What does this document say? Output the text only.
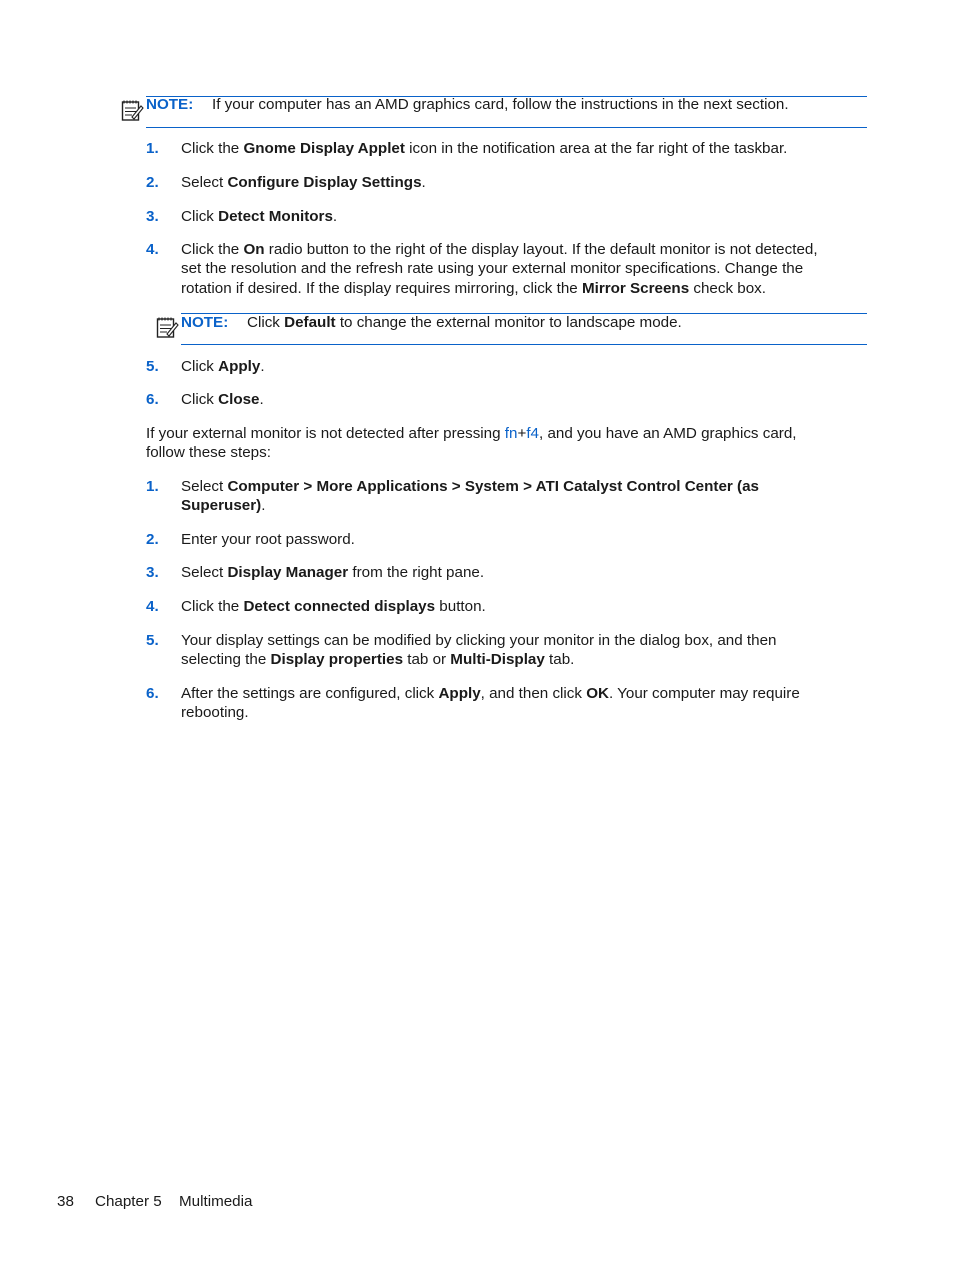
NOTE: If your computer has an AMD graphics card, follow the instructions in the next section.
1. Click the Gnome Display Applet icon in the notification area at the far right of the taskbar.
2. Select Configure Display Settings.
3. Click Detect Monitors.
4. Click the On radio button to the right of the display layout. If the default monitor is not detected,
set the resolution and the refresh rate using your external monitor specifications. Change the
rotation if desired. If the display requires mirroring, click the Mirror Screens check box.
NOTE: Click Default to change the external monitor to landscape mode.
5. Click Apply.
6. Click Close.
If your external monitor is not detected after pressing fn+f4, and you have an AMD graphics card,
follow these steps:
1. Select Computer > More Applications > System > ATI Catalyst Control Center (as
Superuser).
2. Enter your root password.
3. Select Display Manager from the right pane.
4. Click the Detect connected displays button.
5. Your display settings can be modified by clicking your monitor in the dialog box, and then
selecting the Display properties tab or Multi-Display tab.
6. After the settings are configured, click Apply, and then click OK. Your computer may require
rebooting.
38 Chapter 5 Multimedia
